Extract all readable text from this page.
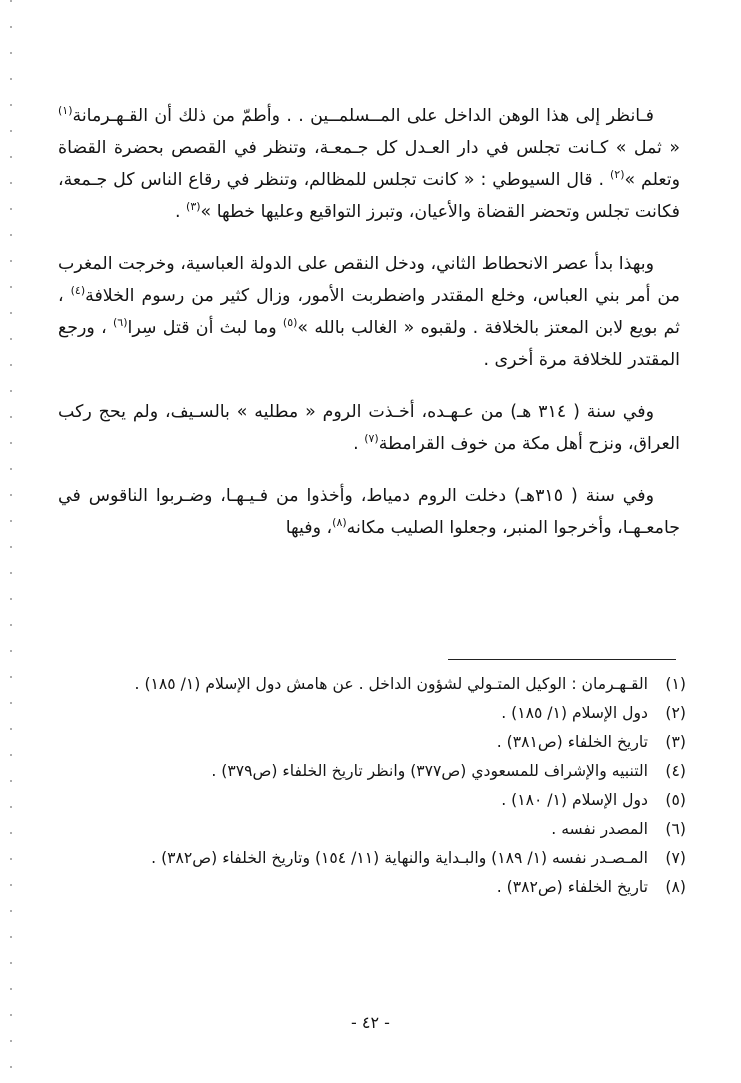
فـانظر إلى هذا الوهن الداخل على المــسلمــين . . وأطمّ من ذلك أن القـهـرمانة$^{(١)}$ « ثمل » كـانت تجلس في دار العـدل كل جـمعـة، وتنظر في القصص بحضرة القضاة وتعلم »$^{(٢)}$ . قال السيوطي : « كانت تجلس للمظالم، وتنظر في رقاع الناس كل جـمعة، فكانت تجلس وتحضر القضاة والأعيان، وتبرز التواقيع وعليها خطها »$^{(٣)}$ .

وبهذا بدأ عصر الانحطاط الثاني، ودخل النقص على الدولة العباسية، وخرجت المغرب من أمر بني العباس، وخلع المقتدر واضطربت الأمور، وزال كثير من رسوم الخلافة$^{(٤)}$ ، ثم بويع لابن المعتز بالخلافة . ولقبوه « الغالب بالله »$^{(٥)}$ وما لبث أن قتل سِرا$^{(٦)}$ ، ورجع المقتدر للخلافة مرة أخرى .

وفي سنة ( ٣١٤ هـ) من عـهـده، أخـذت الروم « مطليه » بالسـيف، ولم يحج ركب العراق، ونزح أهل مكة من خوف القرامطة$^{(٧)}$ .

وفي سنة ( ٣١٥هـ) دخلت الروم دمياط، وأخذوا من فـيـهـا، وضـربوا الناقوس في جامعـهـا، وأخرجوا المنبر، وجعلوا الصليب مكانه$^{(٨)}$، وفيها

(١)
القـهـرمان : الوكيل المتـولي لشؤون الداخل . عن هامش دول الإسلام (١/ ١٨٥) .
(٢)
دول الإسلام (١/ ١٨٥) .
(٣)
تاريخ الخلفاء (ص٣٨١) .
(٤)
التنبيه والإشراف للمسعودي (ص٣٧٧) وانظر تاريخ الخلفاء (ص٣٧٩) .
(٥)
دول الإسلام (١/ ١٨٠) .
(٦)
المصدر نفسه .
(٧)
المـصـدر نفسه (١/ ١٨٩) والبـداية والنهاية (١١/ ١٥٤) وتاريخ الخلفاء (ص٣٨٢) .
(٨)
تاريخ الخلفاء (ص٣٨٢) .
- ٤٢ -
